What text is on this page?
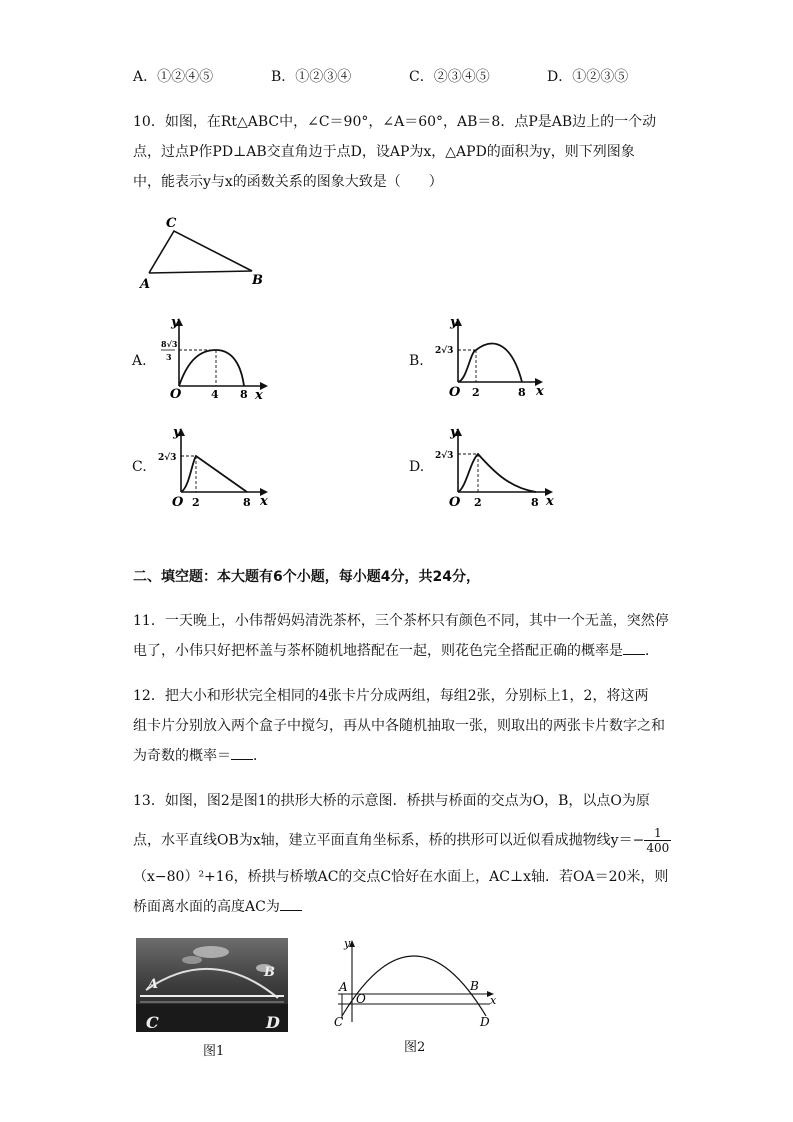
A．①②④⑤	B．①②③④	C．②③④⑤	D．①②③⑤
10．如图，在Rt△ABC中，∠C＝90°，∠A＝60°，AB＝8．点P是AB边上的一个动
点，过点P作PD⊥AB交直角边于点D，设AP为x，△APD的面积为y，则下列图象
中，能表示y与x的函数关系的图象大致是（　　）
A
C
B
A.
O
y
x
4 8
8√3
3	B.
O
y
x
2	8
2√3
C.
O
y
x
2	8
2√3
D.
O
y
x
2	8
2√3
二、填空题：本大题有6个小题，每小题4分，共24分，
11．一天晚上，小伟帮妈妈清洗茶杯，三个茶杯只有颜色不同，其中一个无盖，突然停
电了，小伟只好把杯盖与茶杯随机地搭配在一起，则花色完全搭配正确的概率是 ．
12．把大小和形状完全相同的4张卡片分成两组，每组2张，分别标上1，2，将这两
组卡片分别放入两个盒子中搅匀，再从中各随机抽取一张，则取出的两张卡片数字之和
为奇数的概率＝ ．
13．如图，图2是图1的拱形大桥的示意图．桥拱与桥面的交点为O，B，以点O为原
点，水平直线OB为x轴，建立平面直角坐标系，桥的拱形可以近似看成抛物线$y=- \frac{1}{400}$
（x−80）²+16，桥拱与桥墩AC的交点C恰好在水面上，AC⊥x轴．若OA＝20米，则
桥面离水面的高度AC为
A
B
C	D
图1
y
x
A
O
B
C	D
图2
